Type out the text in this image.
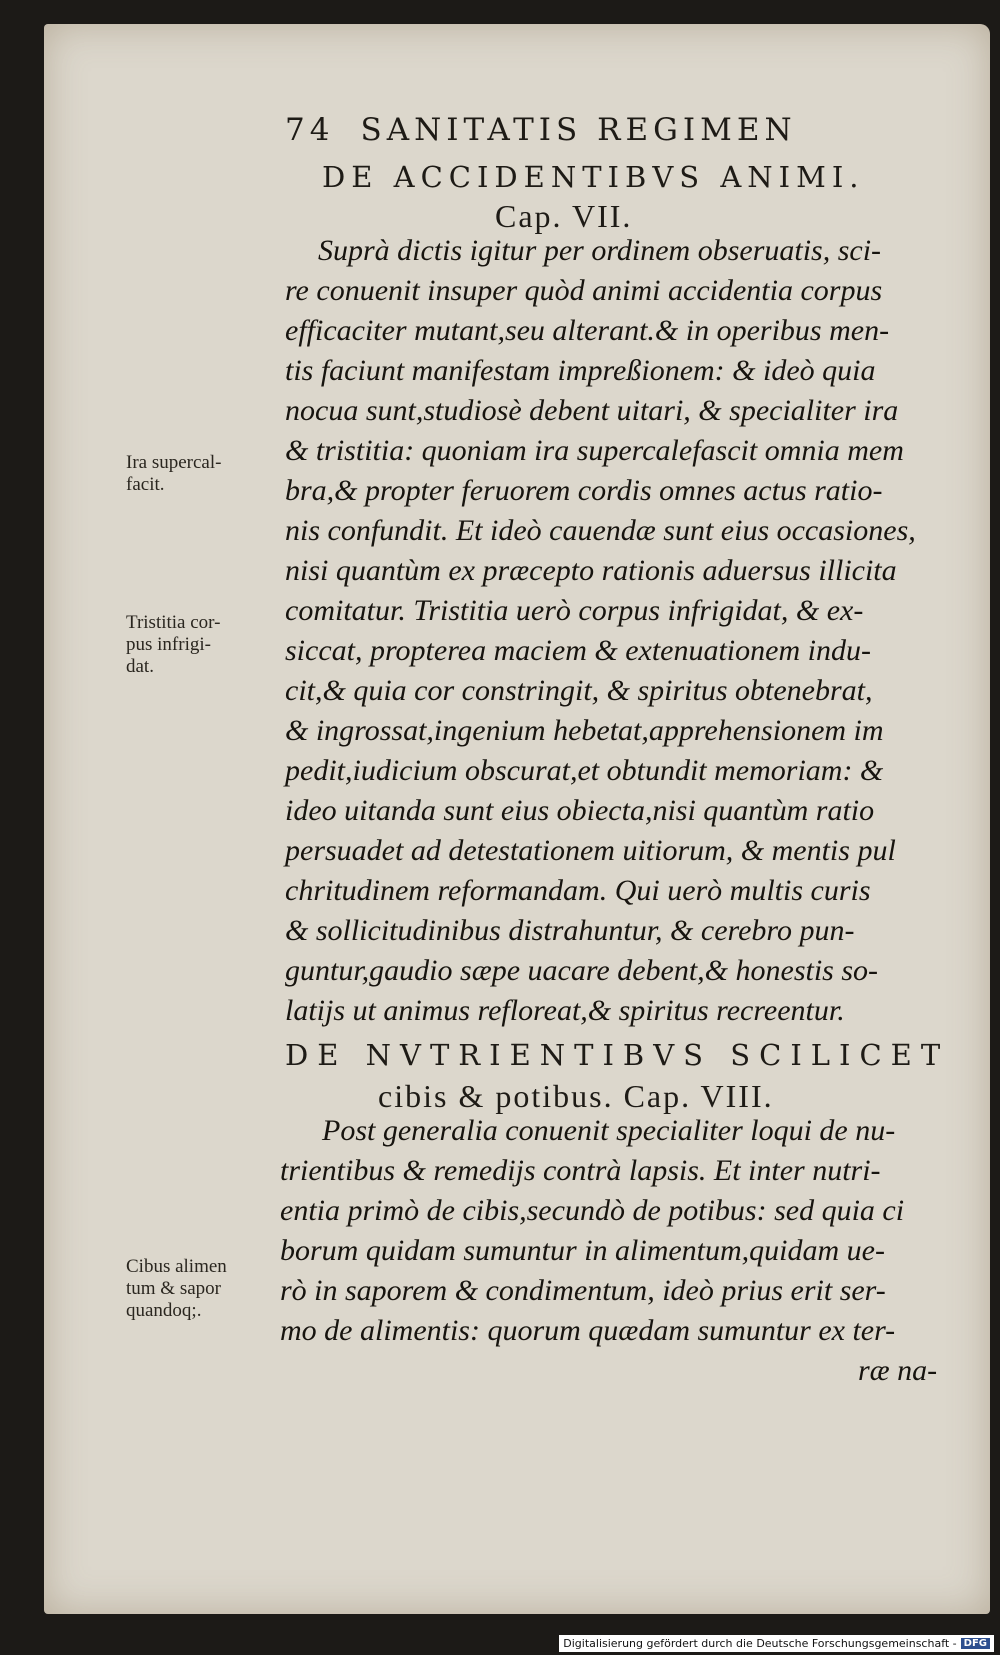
74 SANITATIS REGIMEN
DE ACCIDENTIBVS ANIMI.
Cap. VII.
Suprà dictis igitur per ordinem obseruatis, sci-
re conuenit insuper quòd animi accidentia corpus
efficaciter mutant,seu alterant.& in operibus men-
tis faciunt manifestam impreßionem: & ideò quia
nocua sunt,studiosè debent uitari, & specialiter ira
& tristitia: quoniam ira supercalefascit omnia mem
bra,& propter feruorem cordis omnes actus ratio-
nis confundit. Et ideò cauendæ sunt eius occasiones,
nisi quantùm ex præcepto rationis aduersus illicita
comitatur. Tristitia uerò corpus infrigidat, & ex-
siccat, propterea maciem & extenuationem indu-
cit,& quia cor constringit, & spiritus obtenebrat,
& ingrossat,ingenium hebetat,apprehensionem im
pedit,iudicium obscurat,et obtundit memoriam: &
ideo uitanda sunt eius obiecta,nisi quantùm ratio
persuadet ad detestationem uitiorum, & mentis pul
chritudinem reformandam. Qui uerò multis curis
& sollicitudinibus distrahuntur, & cerebro pun-
guntur,gaudio sæpe uacare debent,& honestis so-
latijs ut animus refloreat,& spiritus recreentur.
DE NVTRIENTIBVS SCILICET
cibis & potibus. Cap. VIII.
Post generalia conuenit specialiter loqui de nu-
trientibus & remedijs contrà lapsis. Et inter nutri-
entia primò de cibis,secundò de potibus: sed quia ci
borum quidam sumuntur in alimentum,quidam ue-
rò in saporem & condimentum, ideò prius erit ser-
mo de alimentis: quorum quædam sumuntur ex ter-
ræ na-
Ira supercal-
facit.
Tristitia cor-
pus infrigi-
dat.
Cibus alimen
tum & sapor
quandoq;.
Digitalisierung gefördert durch die Deutsche Forschungsgemeinschaft - DFG
